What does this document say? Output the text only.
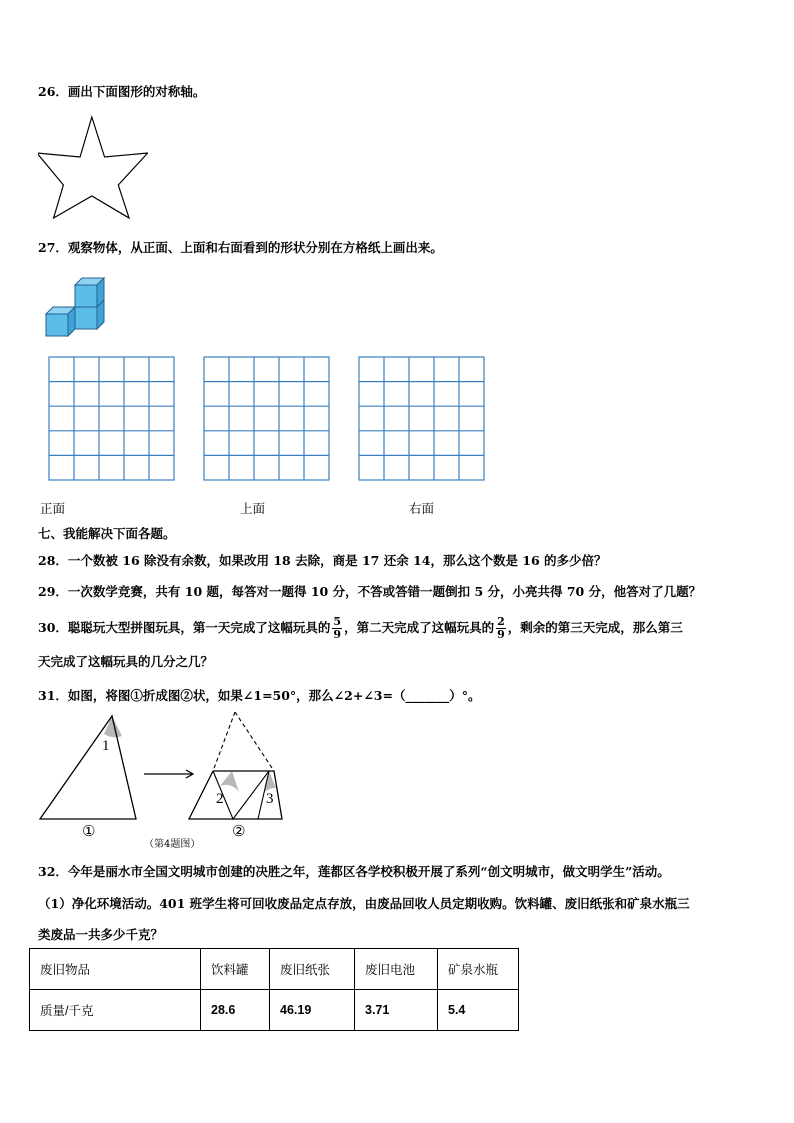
26．画出下面图形的对称轴。
27．观察物体，从正面、上面和右面看到的形状分别在方格纸上画出来。
正面	上面	右面
七、我能解决下面各题。
28．一个数被 16 除没有余数，如果改用 18 去除，商是 17 还余 14，那么这个数是 16 的多少倍？
29．一次数学竞赛，共有 10 题，每答对一题得 10 分，不答或答错一题倒扣 5 分，小亮共得 70 分，他答对了几题？
30．聪聪玩大型拼图玩具，第一天完成了这幅玩具的 $\frac{5}{9}$ ，第二天完成了这幅玩具的 $\frac{2}{9}$ ，剩余的第三天完成，那么第三
天完成了这幅玩具的几分之几？
31．如图，将图①折成图②状，如果∠1=50°，那么∠2+∠3=（_______）°。
1
2	3
①	②
（第4题图）
32．今年是丽水市全国文明城市创建的决胜之年，莲都区各学校积极开展了系列“创文明城市，做文明学生”活动。
（1）净化环境活动。401 班学生将可回收废品定点存放，由废品回收人员定期收购。饮料罐、废旧纸张和矿泉水瓶三
类废品一共多少千克？
废旧物品	饮料罐	废旧纸张	废旧电池	矿泉水瓶
质量/千克	28.6	46.19	3.71	5.4
